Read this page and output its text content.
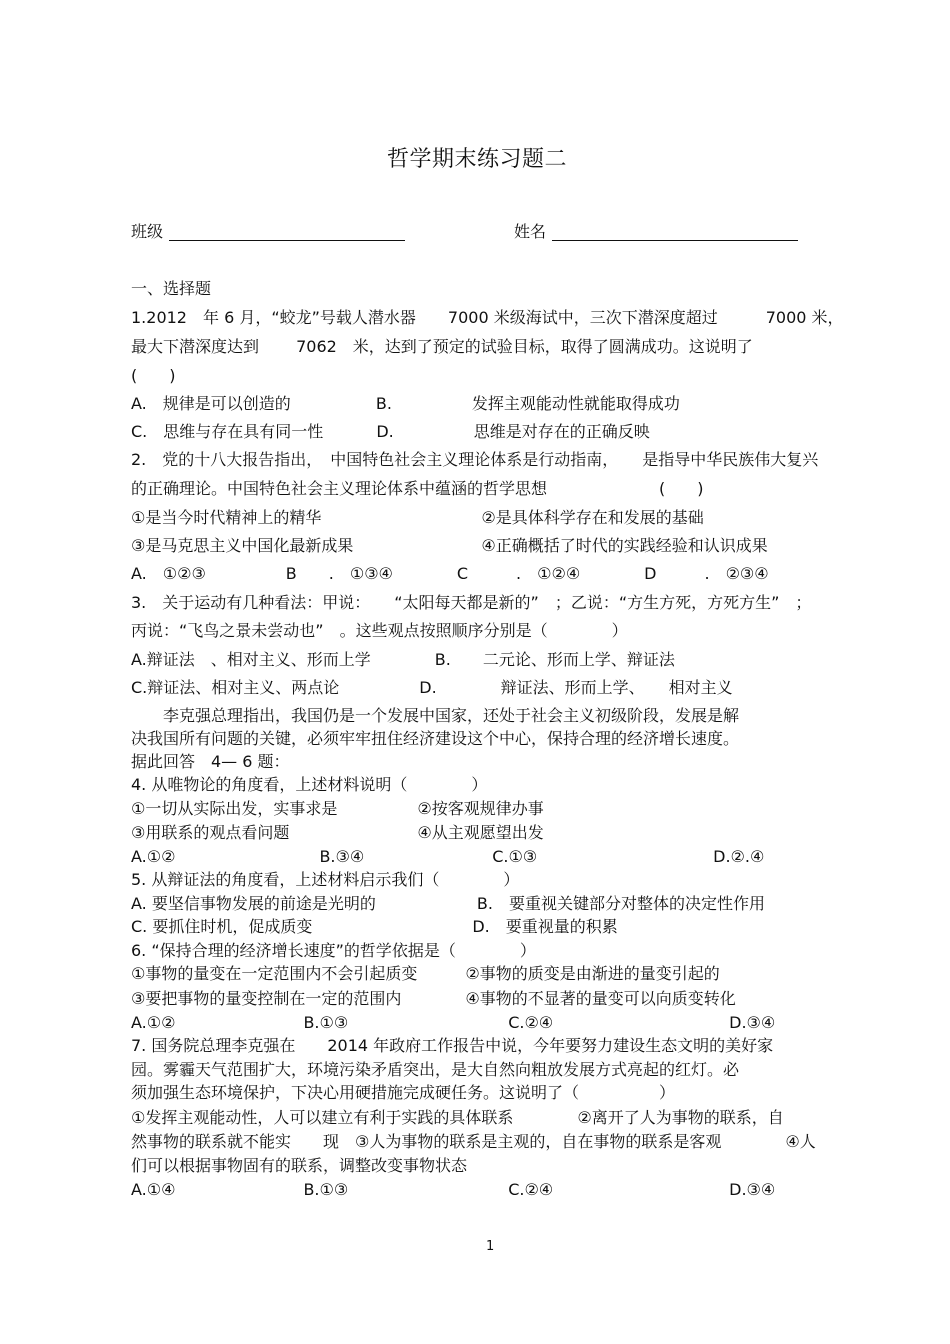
哲学期末练习题二
班级	姓名
一、选择题
1.2012　年 6 月，“蛟龙”号载人潜水器　　7000 米级海试中，三次下潜深度超过　　　7000 米，
最大下潜深度达到　　 7062　米，达到了预定的试验目标，取得了圆满成功。这说明了
(　　)
A.　规律是可以创造的　　　　　 B.　　　　　发挥主观能动性就能取得成功
C.　思维与存在具有同一性　　　 D.　　　　　思维是对存在的正确反映
2.　党的十八大报告指出，　中国特色社会主义理论体系是行动指南，　　是指导中华民族伟大复兴
的正确理论。中国特色社会主义理论体系中蕴涵的哲学思想　　　　　　　(　　)
①是当今时代精神上的精华　　　　　　　　　　②是具体科学存在和发展的基础
③是马克思主义中国化最新成果　　　　　　　　④正确概括了时代的实践经验和认识成果
A.　①②③　　　　　B　　.　①③④　　　　C　　　.　①②④　　　　D　　　.　②③④
3.　关于运动有几种看法：甲说：　　“太阳每天都是新的”　；乙说：“方生方死，方死方生”　；
丙说：“飞鸟之景未尝动也”　。这些观点按照顺序分别是（　　　　）
A.辩证法　、相对主义、形而上学　　　　B.　　二元论、形而上学、辩证法
C.辩证法、相对主义、两点论　　　　　D.　　　　辩证法、形而上学、　　相对主义
　　李克强总理指出，我国仍是一个发展中国家，还处于社会主义初级阶段，发展是解
决我国所有问题的关键，必须牢牢扭住经济建设这个中心，保持合理的经济增长速度。
据此回答　4— 6 题：
4. 从唯物论的角度看，上述材料说明（　　　　）
①一切从实际出发，实事求是　　　　　②按客观规律办事
③用联系的观点看问题　　　　　　　　④从主观愿望出发
A.①②　　　　　　　　　B.③④　　　　　　　　C.①③　　　　　　　　　　　D.②.④
5. 从辩证法的角度看，上述材料启示我们（　　　　）
A. 要坚信事物发展的前途是光明的　　　　　　 B.　要重视关键部分对整体的决定性作用
C. 要抓住时机，促成质变　　　　　　　　　　D.　要重视量的积累
6. “保持合理的经济增长速度”的哲学依据是（　　　　）
①事物的量变在一定范围内不会引起质变　　　②事物的质变是由渐进的量变引起的
③要把事物的量变控制在一定的范围内　　　　④事物的不显著的量变可以向质变转化
A.①②　　　　　　　　B.①③　　　　　　　　　　C.②④　　　　　　　　　　　D.③④
7. 国务院总理李克强在　　2014 年政府工作报告中说，今年要努力建设生态文明的美好家
园。雾霾天气范围扩大，环境污染矛盾突出，是大自然向粗放发展方式亮起的红灯。必
须加强生态环境保护，下决心用硬措施完成硬任务。这说明了（　　　　　）
①发挥主观能动性，人可以建立有利于实践的具体联系　　　　②离开了人为事物的联系，自
然事物的联系就不能实　　现　③人为事物的联系是主观的，自在事物的联系是客观　　　　④人
们可以根据事物固有的联系，调整改变事物状态
A.①④　　　　　　　　B.①③　　　　　　　　　　C.②④　　　　　　　　　　　D.③④
1
